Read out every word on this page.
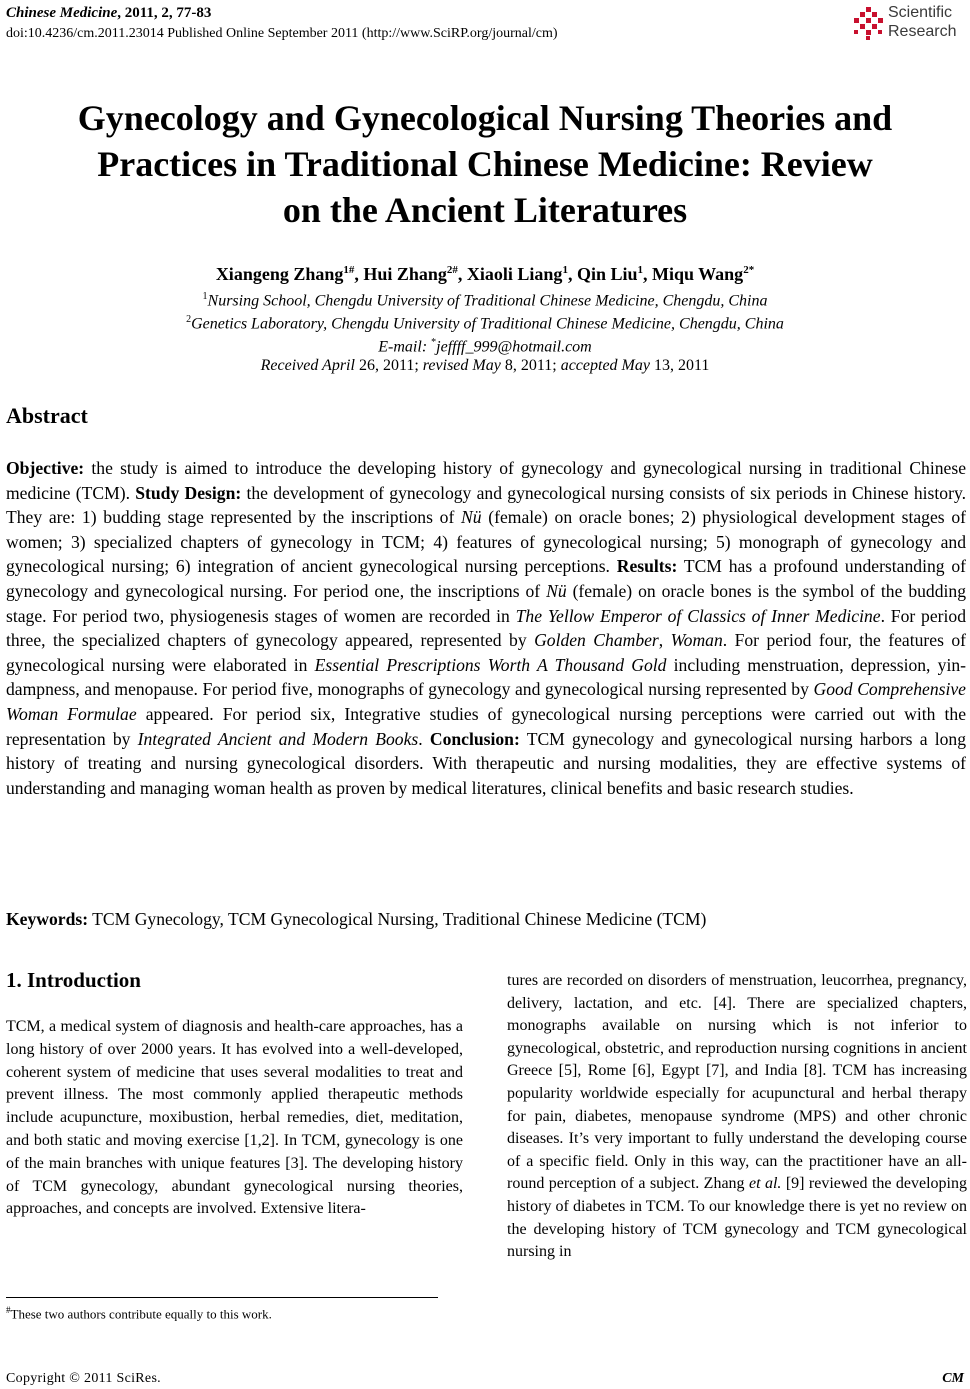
Chinese Medicine, 2011, 2, 77-83
doi:10.4236/cm.2011.23014 Published Online September 2011 (http://www.SciRP.org/journal/cm)
Scientific
Research
Gynecology and Gynecological Nursing Theories and
Practices in Traditional Chinese Medicine: Review
on the Ancient Literatures
Xiangeng Zhang$^{1\#}$, Hui Zhang$^{2\#}$, Xiaoli Liang$^1$, Qin Liu$^1$, Miqu Wang$^{2*}$
$^1$Nursing School, Chengdu University of Traditional Chinese Medicine, Chengdu, China
$^2$Genetics Laboratory, Chengdu University of Traditional Chinese Medicine, Chengdu, China
E-mail: *jeffff_999@hotmail.com
Received April 26, 2011; revised May 8, 2011; accepted May 13, 2011
Abstract
Objective: the study is aimed to introduce the developing history of gynecology and gynecological nursing in traditional Chinese medicine (TCM). Study Design: the development of gynecology and gynecological nursing consists of six periods in Chinese history. They are: 1) budding stage represented by the inscriptions of Nü (female) on oracle bones; 2) physiological development stages of women; 3) specialized chapters of gynecology in TCM; 4) features of gynecological nursing; 5) monograph of gynecology and gynecological nursing; 6) integration of ancient gynecological nursing perceptions. Results: TCM has a profound understanding of gynecology and gynecological nursing. For period one, the inscriptions of Nü (female) on oracle bones is the symbol of the budding stage. For period two, physiogenesis stages of women are recorded in The Yellow Emperor of Classics of Inner Medicine. For period three, the specialized chapters of gynecology appeared, represented by Golden Chamber, Woman. For period four, the features of gynecological nursing were elaborated in Essential Prescriptions Worth A Thousand Gold including menstruation, depression, yin-dampness, and menopause. For period five, monographs of gynecology and gynecological nursing represented by Good Comprehensive Woman Formulae appeared. For period six, Integrative studies of gynecological nursing perceptions were carried out with the representation by Integrated Ancient and Modern Books. Conclusion: TCM gynecology and gynecological nursing harbors a long history of treating and nursing gynecological disorders. With therapeutic and nursing modalities, they are effective systems of understanding and managing woman health as proven by medical literatures, clinical benefits and basic research studies.
Keywords: TCM Gynecology, TCM Gynecological Nursing, Traditional Chinese Medicine (TCM)
1. Introduction
TCM, a medical system of diagnosis and health-care approaches, has a long history of over 2000 years. It has evolved into a well-developed, coherent system of medicine that uses several modalities to treat and prevent illness. The most commonly applied therapeutic methods include acupuncture, moxibustion, herbal remedies, diet, meditation, and both static and moving exercise [1,2]. In TCM, gynecology is one of the main branches with unique features [3]. The developing history of TCM gynecology, abundant gynecological nursing theories, approaches, and concepts are involved. Extensive litera-
tures are recorded on disorders of menstruation, leucorrhea, pregnancy, delivery, lactation, and etc. [4]. There are specialized chapters, monographs available on nursing which is not inferior to gynecological, obstetric, and reproduction nursing cognitions in ancient Greece [5], Rome [6], Egypt [7], and India [8]. TCM has increasing popularity worldwide especially for acupunctural and herbal therapy for pain, diabetes, menopause syndrome (MPS) and other chronic diseases. It’s very important to fully understand the developing course of a specific field. Only in this way, can the practitioner have an all-round perception of a subject. Zhang et al. [9] reviewed the developing history of diabetes in TCM. To our knowledge there is yet no review on the developing history of TCM gynecology and TCM gynecological nursing in
#These two authors contribute equally to this work.
Copyright © 2011 SciRes.	CM
